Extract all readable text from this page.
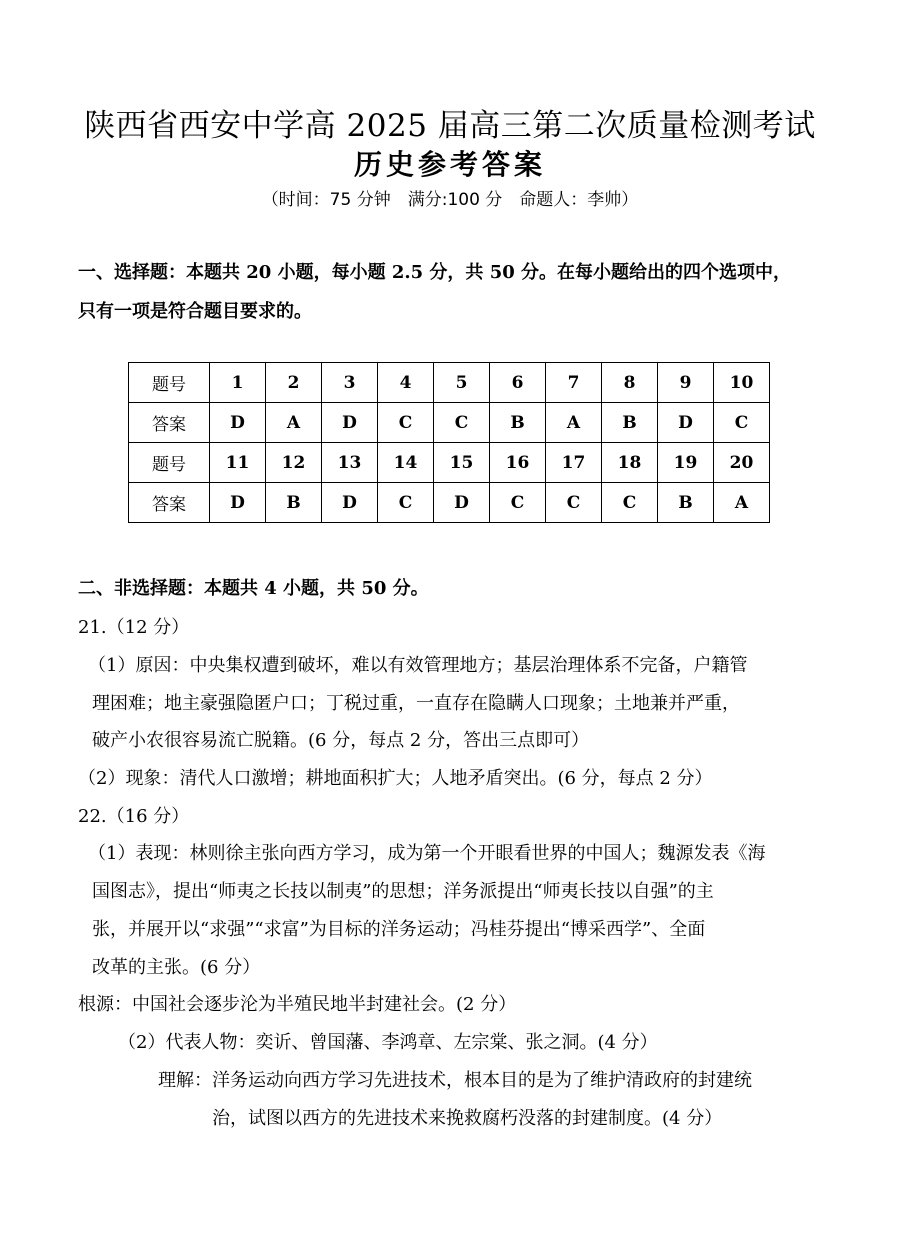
陕西省西安中学高 2025 届高三第二次质量检测考试
历史参考答案
（时间：75 分钟　满分:100 分　命题人：李帅）
一、选择题：本题共 20 小题，每小题 2.5 分，共 50 分。在每小题给出的四个选项中，
只有一项是符合题目要求的。
题号	1	2	3	4	5	6	7	8	9	10
答案	D	A	D	C	C	B	A	B	D	C
题号	11	12	13	14	15	16	17	18	19	20
答案	D	B	D	C	D	C	C	C	B	A
二、非选择题：本题共 4 小题，共 50 分。
21.（12 分）
（1）原因：中央集权遭到破坏，难以有效管理地方；基层治理体系不完备，户籍管
理困难；地主豪强隐匿户口；丁税过重，一直存在隐瞒人口现象；土地兼并严重，
破产小农很容易流亡脱籍。(6 分，每点 2 分，答出三点即可）
（2）现象：清代人口激增；耕地面积扩大；人地矛盾突出。(6 分，每点 2 分）
22.（16 分）
（1）表现：林则徐主张向西方学习，成为第一个开眼看世界的中国人；魏源发表《海
国图志》，提出“师夷之长技以制夷”的思想；洋务派提出“师夷长技以自强”的主
张，并展开以“求强”“求富”为目标的洋务运动；冯桂芬提出“博采西学”、全面
改革的主张。(6 分）
根源：中国社会逐步沦为半殖民地半封建社会。(2 分）
（2）代表人物：奕䜣、曾国藩、李鸿章、左宗棠、张之洞。(4 分）
理解：洋务运动向西方学习先进技术，根本目的是为了维护清政府的封建统
治，试图以西方的先进技术来挽救腐朽没落的封建制度。(4 分）
